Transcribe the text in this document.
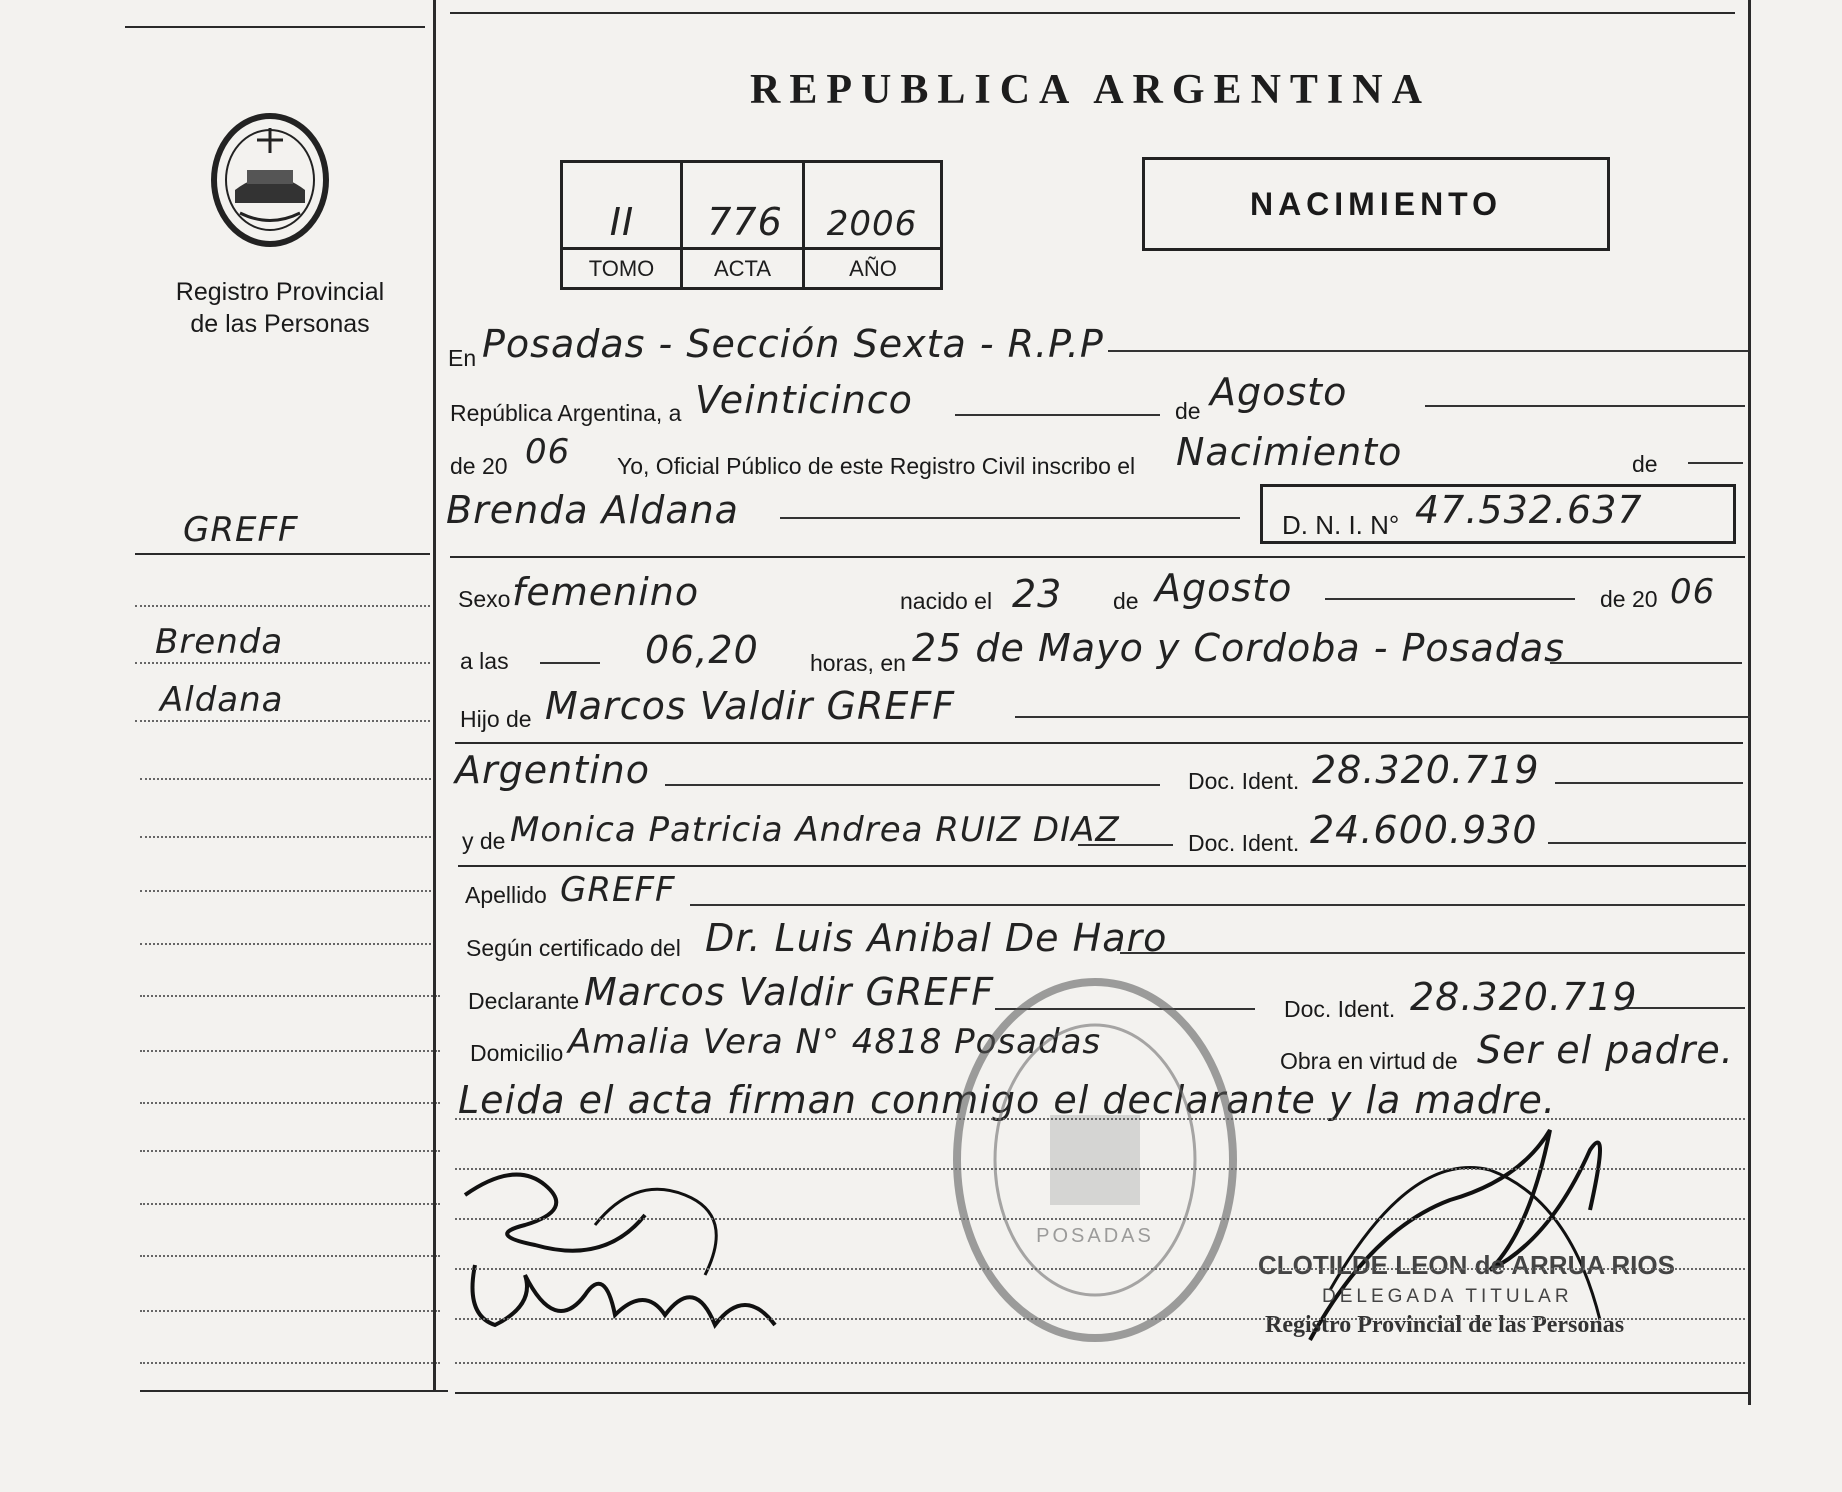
Registro Provincial
de las Personas
GREFF
Brenda
Aldana
REPUBLICA ARGENTINA
II	776	2006
TOMO	ACTA	AÑO
NACIMIENTO
En Posadas - Sección Sexta - R.P.P
República Argentina, a Veinticinco	de Agosto
de 20 06 Yo, Oficial Público de este Registro Civil inscribo el Nacimiento	de
Brenda Aldana	D. N. I. N° 47.532.637
Sexo femenino	nacido el 23 de Agosto	de 20 06
a las	06,20 horas, en 25 de Mayo y Cordoba - Posadas
Hijo de Marcos Valdir GREFF
Argentino	Doc. Ident. 28.320.719
y de Monica Patricia Andrea RUIZ DIAZ	Doc. Ident. 24.600.930
Apellido GREFF
Según certificado del Dr. Luis Anibal De Haro
Declarante Marcos Valdir GREFF	Doc. Ident. 28.320.719
Domicilio Amalia Vera N° 4818 Posadas	Obra en virtud de Ser el padre.
Leida el acta firman conmigo el declarante y la madre.
POSADAS
CLOTILDE LEON de ARRUA RIOS
DELEGADA TITULAR
Registro Provincial de las Personas
